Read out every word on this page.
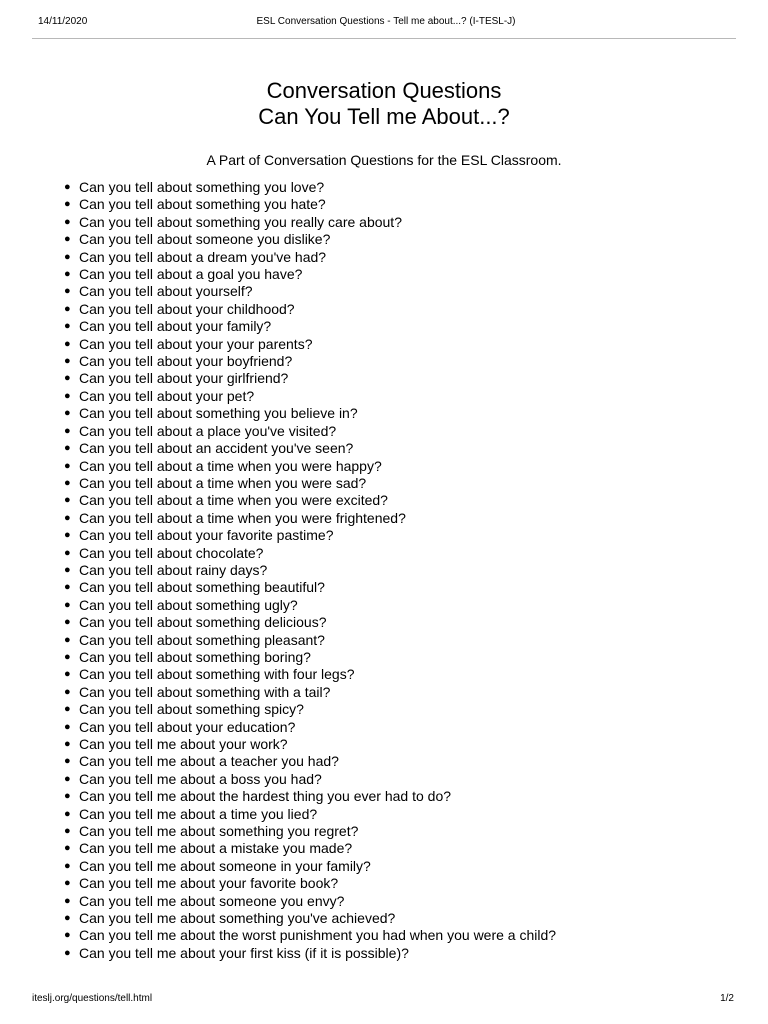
14/11/2020	ESL Conversation Questions - Tell me about...? (I-TESL-J)
Conversation Questions
Can You Tell me About...?

A Part of Conversation Questions for the ESL Classroom.

● Can you tell about something you love?
● Can you tell about something you hate?
● Can you tell about something you really care about?
● Can you tell about someone you dislike?
● Can you tell about a dream you've had?
● Can you tell about a goal you have?
● Can you tell about yourself?
● Can you tell about your childhood?
● Can you tell about your family?
● Can you tell about your your parents?
● Can you tell about your boyfriend?
● Can you tell about your girlfriend?
● Can you tell about your pet?
● Can you tell about something you believe in?
● Can you tell about a place you've visited?
● Can you tell about an accident you've seen?
● Can you tell about a time when you were happy?
● Can you tell about a time when you were sad?
● Can you tell about a time when you were excited?
● Can you tell about a time when you were frightened?
● Can you tell about your favorite pastime?
● Can you tell about chocolate?
● Can you tell about rainy days?
● Can you tell about something beautiful?
● Can you tell about something ugly?
● Can you tell about something delicious?
● Can you tell about something pleasant?
● Can you tell about something boring?
● Can you tell about something with four legs?
● Can you tell about something with a tail?
● Can you tell about something spicy?
● Can you tell about your education?
● Can you tell me about your work?
● Can you tell me about a teacher you had?
● Can you tell me about a boss you had?
● Can you tell me about the hardest thing you ever had to do?
● Can you tell me about a time you lied?
● Can you tell me about something you regret?
● Can you tell me about a mistake you made?
● Can you tell me about someone in your family?
● Can you tell me about your favorite book?
● Can you tell me about someone you envy?
● Can you tell me about something you've achieved?
● Can you tell me about the worst punishment you had when you were a child?
● Can you tell me about your first kiss (if it is possible)?
iteslj.org/questions/tell.html	1/2
